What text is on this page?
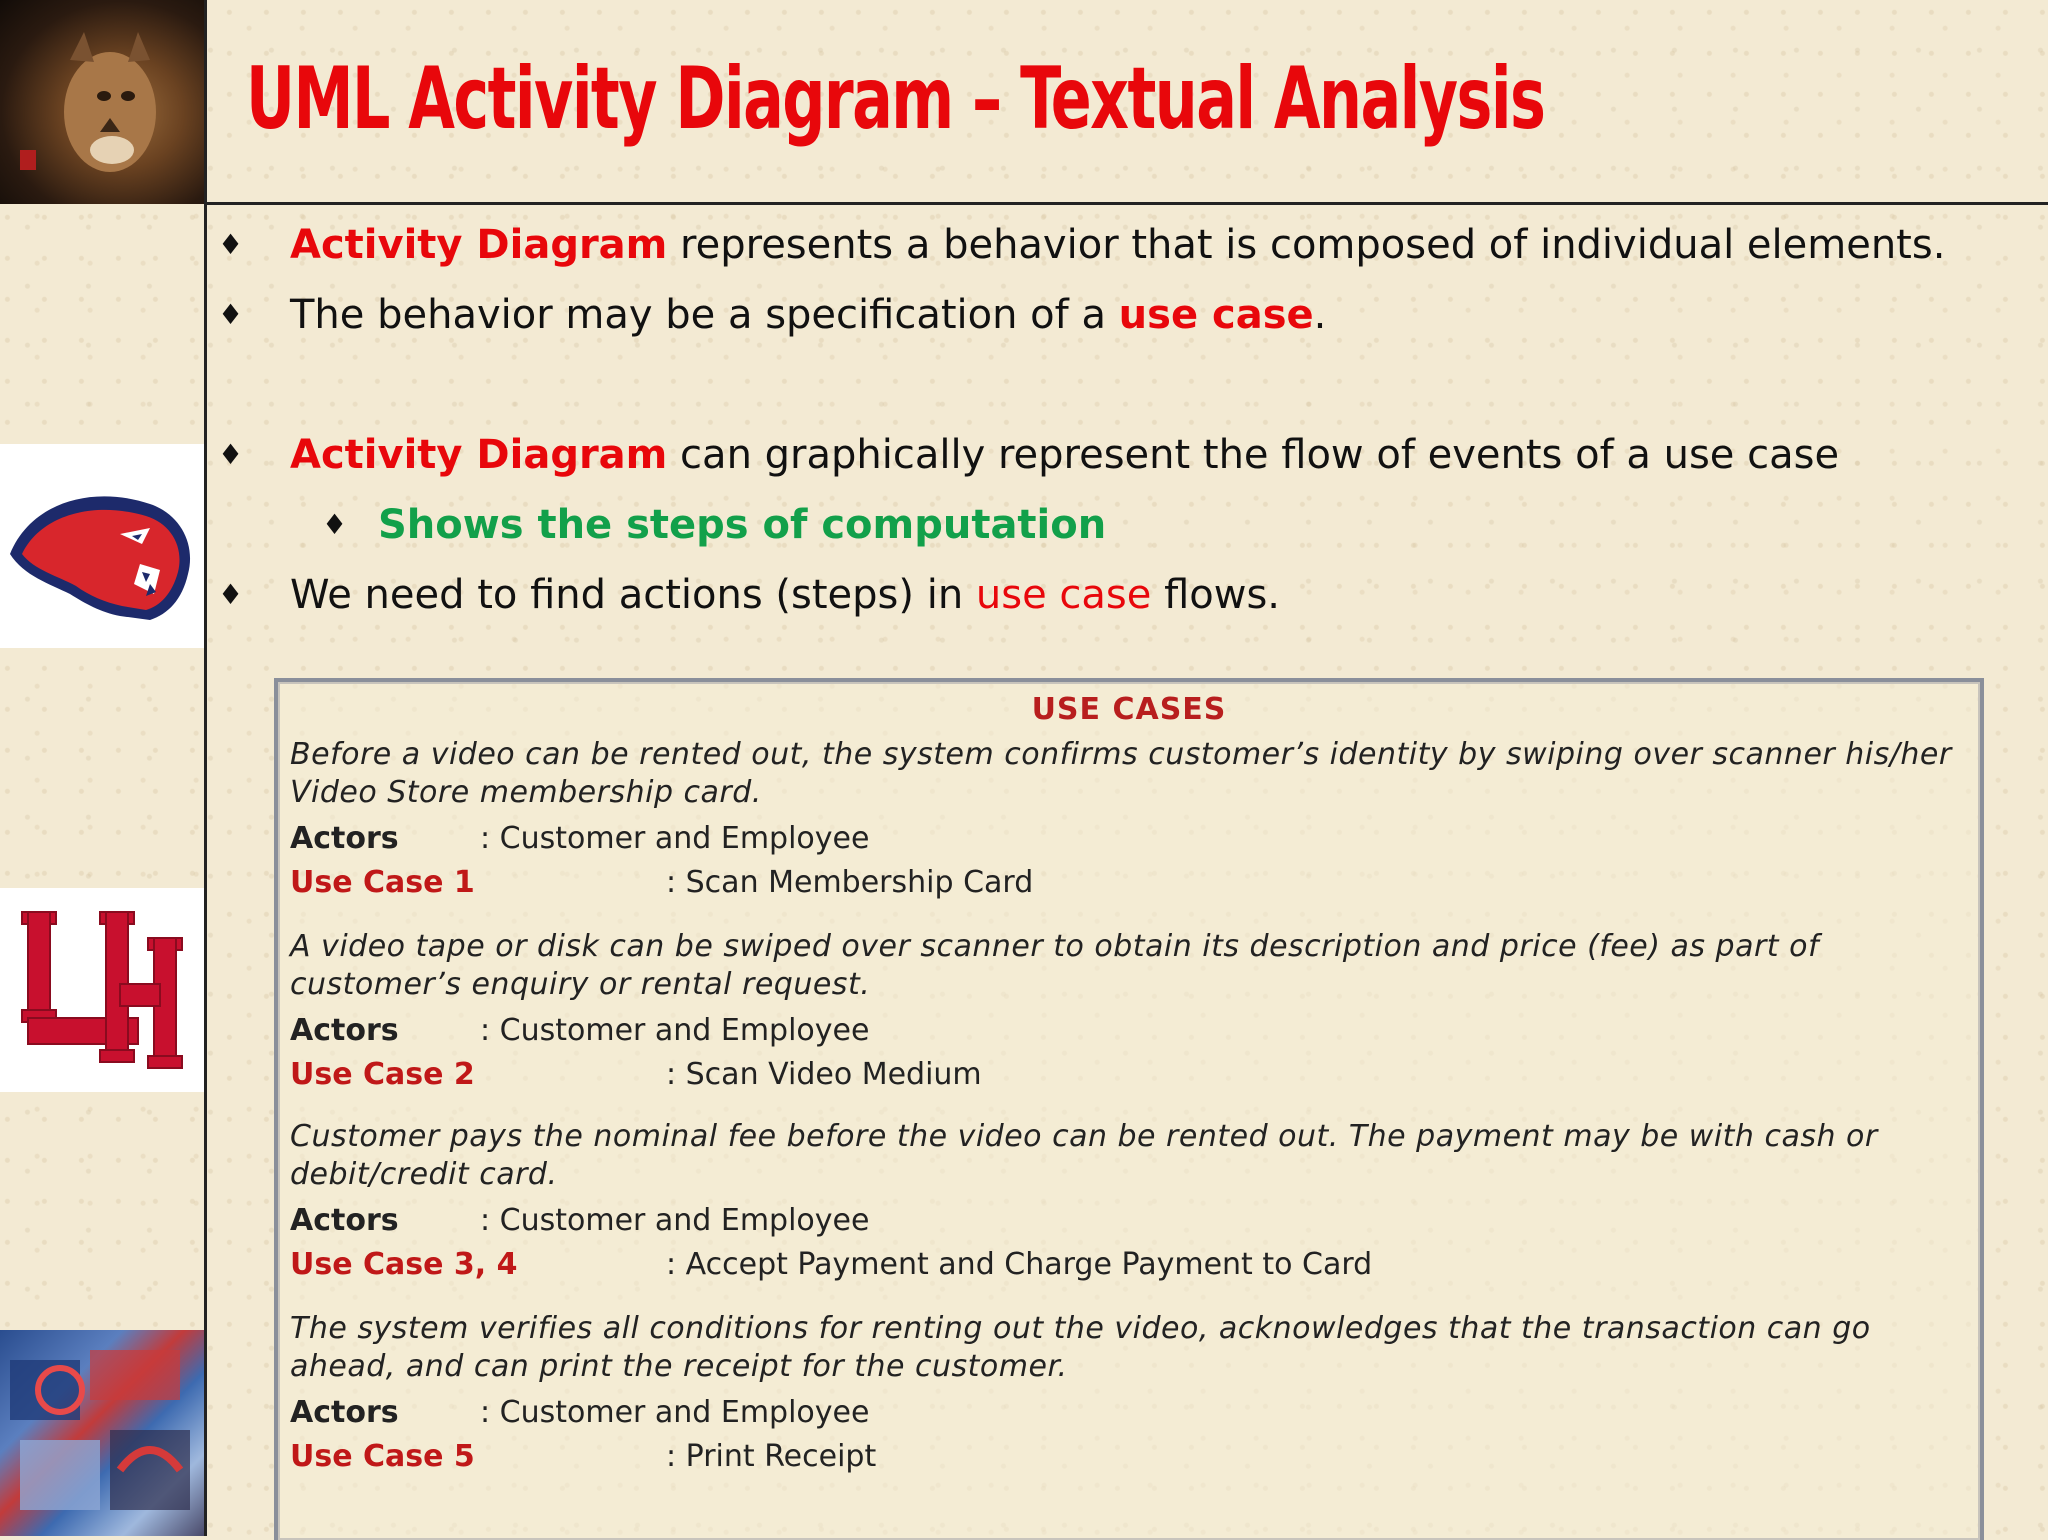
UML Activity Diagram – Textual Analysis
♦ Activity Diagram represents a behavior that is composed of individual elements.
♦ The behavior may be a specification of a use case.
♦ Activity Diagram can graphically represent the flow of events of a use case
♦ Shows the steps of computation
♦ We need to find actions (steps) in use case flows.
USE CASES
Before a video can be rented out, the system confirms customer’s identity by swiping over scanner his/her Video Store membership card.
Actors	: Customer and Employee
Use Case 1	: Scan Membership Card
A video tape or disk can be swiped over scanner to obtain its description and price (fee) as part of customer’s enquiry or rental request.
Actors	: Customer and Employee
Use Case 2	: Scan Video Medium
Customer pays the nominal fee before the video can be rented out. The payment may be with cash or debit/credit card.
Actors	: Customer and Employee
Use Case 3, 4	: Accept Payment and Charge Payment to Card
The system verifies all conditions for renting out the video, acknowledges that the transaction can go ahead, and can print the receipt for the customer.
Actors	: Customer and Employee
Use Case 5	: Print Receipt
